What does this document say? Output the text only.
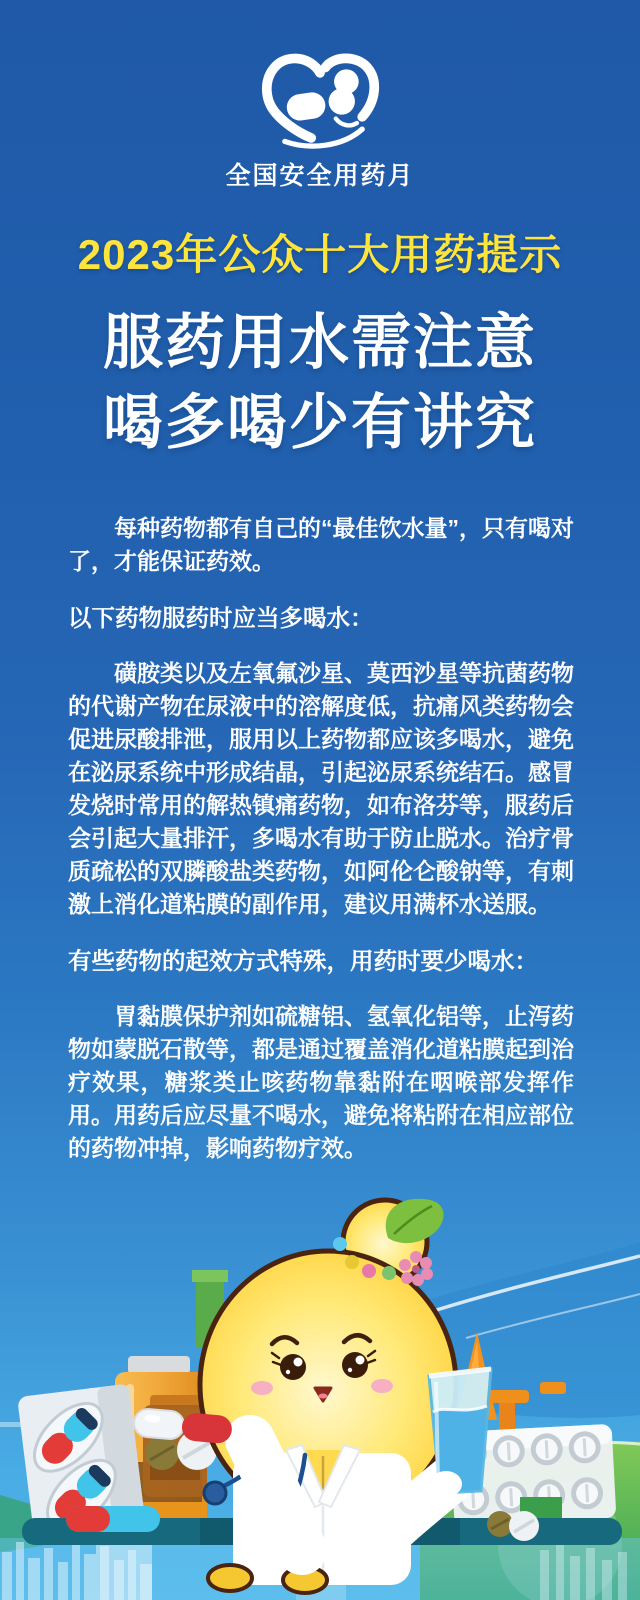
全国安全用药月
2023年公众十大用药提示
服药用水需注意
喝多喝少有讲究

每种药物都有自己的“最佳饮水量”，只有喝对了，才能保证药效。

以下药物服药时应当多喝水：

磺胺类以及左氧氟沙星、莫西沙星等抗菌药物的代谢产物在尿液中的溶解度低，抗痛风类药物会促进尿酸排泄，服用以上药物都应该多喝水，避免在泌尿系统中形成结晶，引起泌尿系统结石。感冒发烧时常用的解热镇痛药物，如布洛芬等，服药后会引起大量排汗，多喝水有助于防止脱水。治疗骨质疏松的双膦酸盐类药物，如阿伦仑酸钠等，有刺激上消化道粘膜的副作用，建议用满杯水送服。

有些药物的起效方式特殊，用药时要少喝水：

胃黏膜保护剂如硫糖铝、氢氧化铝等，止泻药物如蒙脱石散等，都是通过覆盖消化道粘膜起到治疗效果，糖浆类止咳药物靠黏附在咽喉部发挥作用。用药后应尽量不喝水，避免将粘附在相应部位的药物冲掉，影响药物疗效。
